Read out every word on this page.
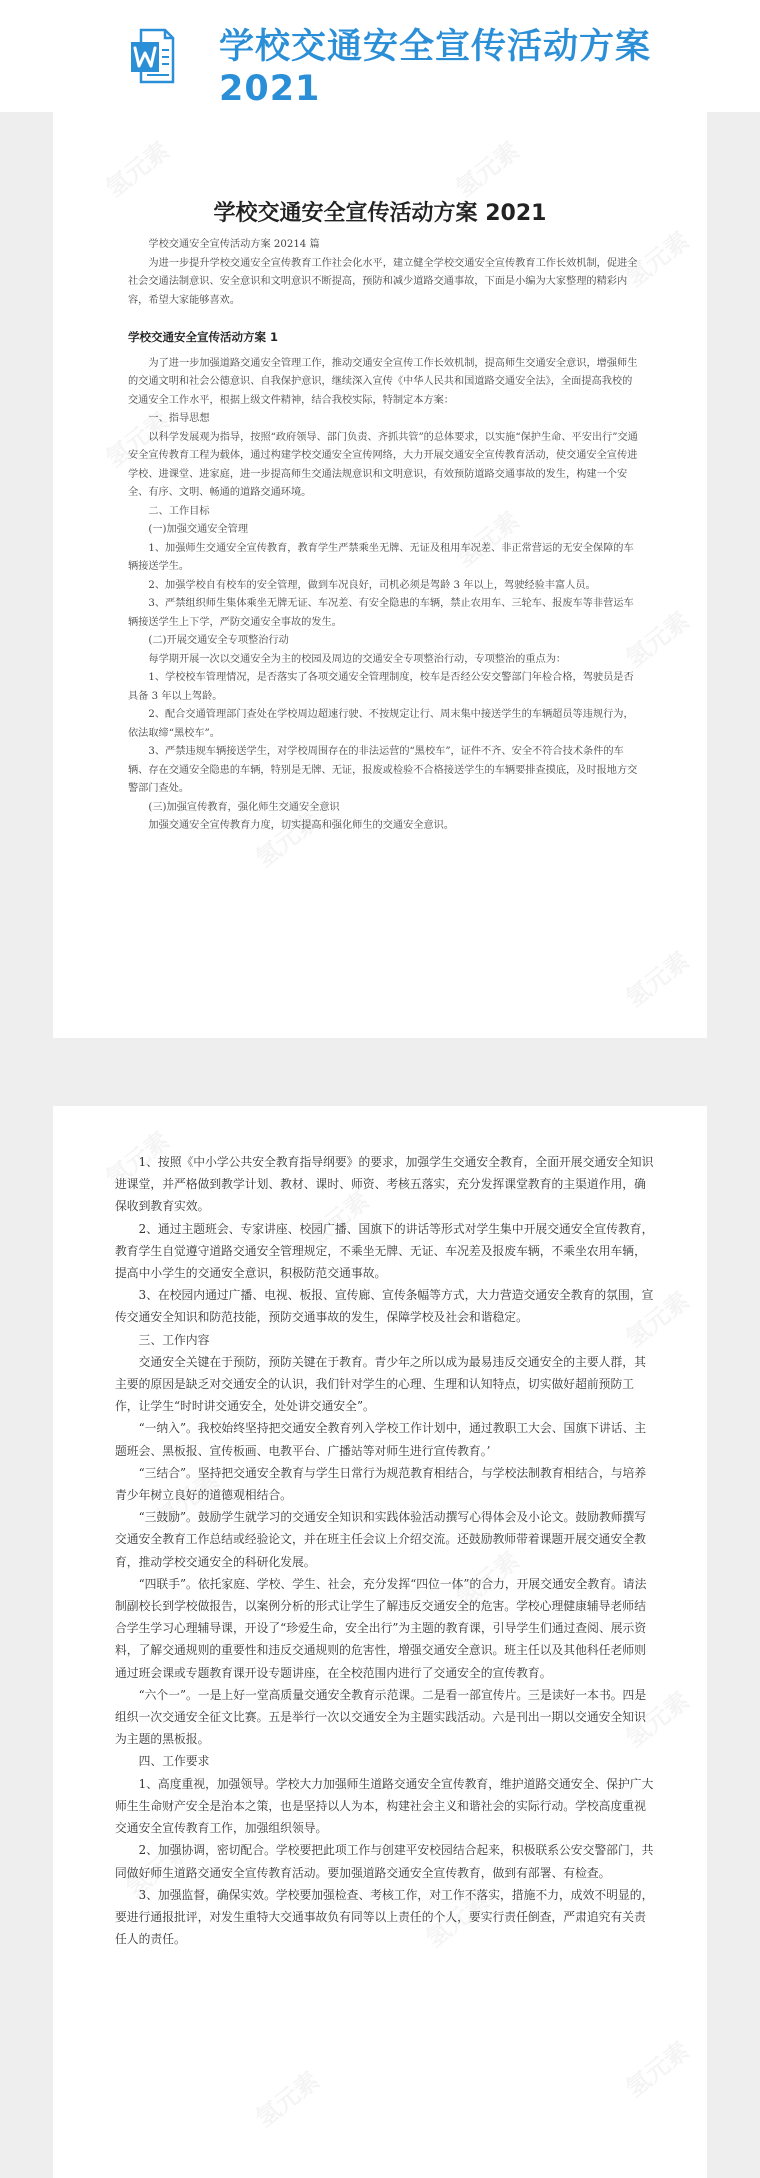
学校交通安全宣传活动方案2021
学校交通安全宣传活动方案 2021

学校交通安全宣传活动方案 20214 篇

为进一步提升学校交通安全宣传教育工作社会化水平，建立健全学校交通安全宣传教育工作长效机制，促进全社会交通法制意识、安全意识和文明意识不断提高，预防和减少道路交通事故，下面是小编为大家整理的精彩内容，希望大家能够喜欢。

学校交通安全宣传活动方案 1

为了进一步加强道路交通安全管理工作，推动交通安全宣传工作长效机制，提高师生交通安全意识，增强师生的交通文明和社会公德意识、自我保护意识，继续深入宣传《中华人民共和国道路交通安全法》，全面提高我校的交通安全工作水平，根据上级文件精神，结合我校实际，特制定本方案：

一、指导思想

以科学发展观为指导，按照“政府领导、部门负责、齐抓共管”的总体要求，以实施“保护生命、平安出行”交通安全宣传教育工程为载体，通过构建学校交通安全宣传网络，大力开展交通安全宣传教育活动，使交通安全宣传进学校、进课堂、进家庭，进一步提高师生交通法规意识和文明意识，有效预防道路交通事故的发生，构建一个安全、有序、文明、畅通的道路交通环境。

二、工作目标

(一)加强交通安全管理

1、加强师生交通安全宣传教育，教育学生严禁乘坐无牌、无证及租用车况差、非正常营运的无安全保障的车辆接送学生。

2、加强学校自有校车的安全管理，做到车况良好，司机必须是驾龄 3 年以上，驾驶经验丰富人员。

3、严禁组织师生集体乘坐无牌无证、车况差、有安全隐患的车辆，禁止农用车、三轮车、报废车等非营运车辆接送学生上下学，严防交通安全事故的发生。

(二)开展交通安全专项整治行动

每学期开展一次以交通安全为主的校园及周边的交通安全专项整治行动，专项整治的重点为：

1、学校校车管理情况，是否落实了各项交通安全管理制度，校车是否经公安交警部门年检合格，驾驶员是否具备 3 年以上驾龄。

2、配合交通管理部门查处在学校周边超速行驶、不按规定让行、周末集中接送学生的车辆超员等违规行为，依法取缔“黑校车”。

3、严禁违规车辆接送学生，对学校周围存在的非法运营的“黑校车”，证件不齐、安全不符合技术条件的车辆、存在交通安全隐患的车辆，特别是无牌、无证，报废或检验不合格接送学生的车辆要排查摸底，及时报地方交警部门查处。

(三)加强宣传教育，强化师生交通安全意识

加强交通安全宣传教育力度，切实提高和强化师生的交通安全意识。

1、按照《中小学公共安全教育指导纲要》的要求，加强学生交通安全教育，全面开展交通安全知识进课堂，并严格做到教学计划、教材、课时、师资、考核五落实，充分发挥课堂教育的主渠道作用，确保收到教育实效。

2、通过主题班会、专家讲座、校园广播、国旗下的讲话等形式对学生集中开展交通安全宣传教育，教育学生自觉遵守道路交通安全管理规定，不乘坐无牌、无证、车况差及报废车辆，不乘坐农用车辆，提高中小学生的交通安全意识，积极防范交通事故。

3、在校园内通过广播、电视、板报、宣传廊、宣传条幅等方式，大力营造交通安全教育的氛围，宣传交通安全知识和防范技能，预防交通事故的发生，保障学校及社会和谐稳定。

三、工作内容

交通安全关键在于预防，预防关键在于教育。青少年之所以成为最易违反交通安全的主要人群，其主要的原因是缺乏对交通安全的认识，我们针对学生的心理、生理和认知特点，切实做好超前预防工作，让学生“时时讲交通安全，处处讲交通安全”。

“一纳入”。我校始终坚持把交通安全教育列入学校工作计划中，通过教职工大会、国旗下讲话、主题班会、黑板报、宣传板画、电教平台、广播站等对师生进行宣传教育。’

“三结合”。坚持把交通安全教育与学生日常行为规范教育相结合，与学校法制教育相结合，与培养青少年树立良好的道德观相结合。

“三鼓励”。鼓励学生就学习的交通安全知识和实践体验活动撰写心得体会及小论文。鼓励教师撰写交通安全教育工作总结或经验论文，并在班主任会议上介绍交流。还鼓励教师带着课题开展交通安全教育，推动学校交通安全的科研化发展。

“四联手”。依托家庭、学校、学生、社会，充分发挥“四位一体”的合力，开展交通安全教育。请法制副校长到学校做报告，以案例分析的形式让学生了解违反交通安全的危害。学校心理健康辅导老师结合学生学习心理辅导课，开设了“珍爱生命，安全出行”为主题的教育课，引导学生们通过查阅、展示资料，了解交通规则的重要性和违反交通规则的危害性，增强交通安全意识。班主任以及其他科任老师则通过班会课或专题教育课开设专题讲座，在全校范围内进行了交通安全的宣传教育。

“六个一”。一是上好一堂高质量交通安全教育示范课。二是看一部宣传片。三是读好一本书。四是组织一次交通安全征文比赛。五是举行一次以交通安全为主题实践活动。六是刊出一期以交通安全知识为主题的黑板报。

四、工作要求

1、高度重视，加强领导。学校大力加强师生道路交通安全宣传教育，维护道路交通安全、保护广大师生生命财产安全是治本之策，也是坚持以人为本，构建社会主义和谐社会的实际行动。学校高度重视交通安全宣传教育工作，加强组织领导。

2、加强协调，密切配合。学校要把此项工作与创建平安校园结合起来，积极联系公安交警部门，共同做好师生道路交通安全宣传教育活动。要加强道路交通安全宣传教育，做到有部署、有检查。

3、加强监督，确保实效。学校要加强检查、考核工作，对工作不落实，措施不力，成效不明显的，要进行通报批评，对发生重特大交通事故负有同等以上责任的个人，要实行责任倒查，严肃追究有关责任人的责任。
